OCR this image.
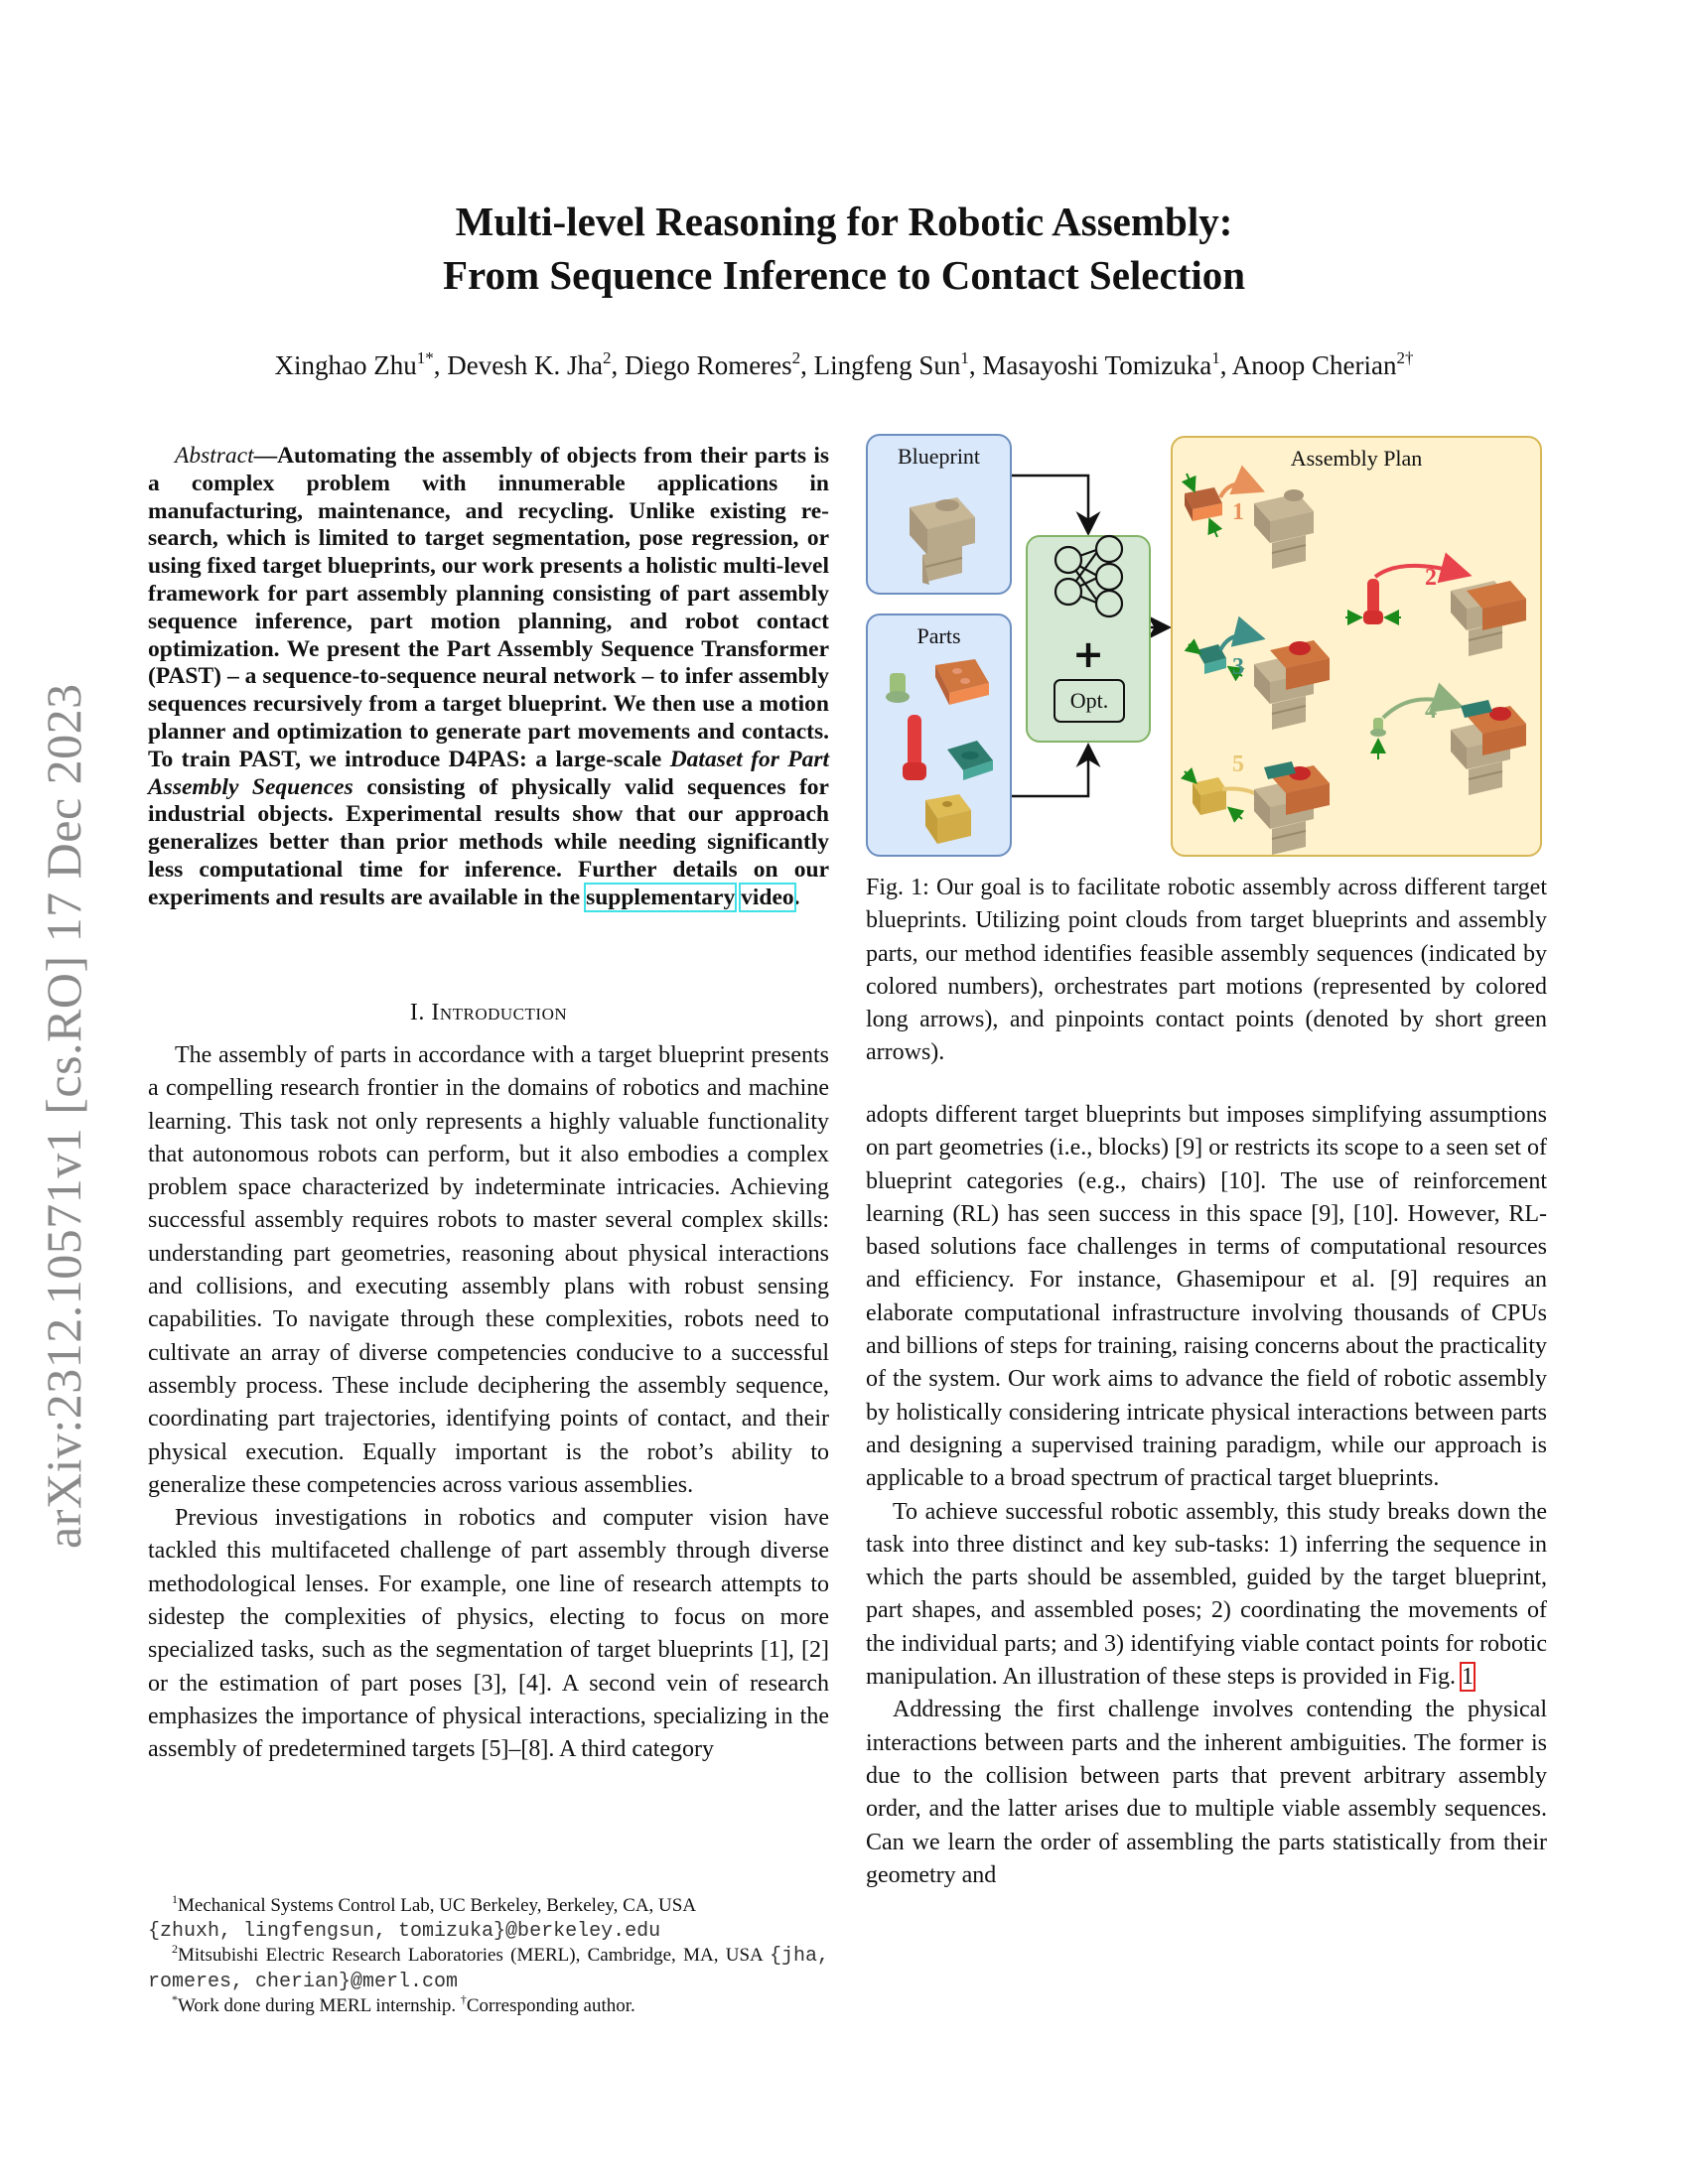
arXiv:2312.10571v1 [cs.RO] 17 Dec 2023
Multi-level Reasoning for Robotic Assembly:
From Sequence Inference to Contact Selection
Xinghao Zhu$^{1*}$, Devesh K. Jha$^2$, Diego Romeres$^2$, Lingfeng Sun$^1$, Masayoshi Tomizuka$^1$, Anoop Cherian$^{2\dagger}$
Abstract—Automating the assembly of objects from their parts is a complex problem with innumerable applications in manufacturing, maintenance, and recycling. Unlike existing research, which is limited to target segmentation, pose regression, or using fixed target blueprints, our work presents a holistic multi-level framework for part assembly planning consisting of part assembly sequence inference, part motion planning, and robot contact optimization. We present the Part Assembly Sequence Transformer (PAST) – a sequence-to-sequence neural network – to infer assembly sequences recursively from a target blueprint. We then use a motion planner and optimization to generate part movements and contacts. To train PAST, we introduce D4PAS: a large-scale Dataset for Part Assembly Sequences consisting of physically valid sequences for industrial objects. Experimental results show that our approach generalizes better than prior methods while needing significantly less computational time for inference. Further details on our experiments and results are available in the supplementary video.
I. Introduction

The assembly of parts in accordance with a target blueprint presents a compelling research frontier in the domains of robotics and machine learning. This task not only represents a highly valuable functionality that autonomous robots can perform, but it also embodies a complex problem space characterized by indeterminate intricacies. Achieving successful assembly requires robots to master several complex skills: understanding part geometries, reasoning about physical interactions and collisions, and executing assembly plans with robust sensing capabilities. To navigate through these complexities, robots need to cultivate an array of diverse competencies conducive to a successful assembly process. These include deciphering the assembly sequence, coordinating part trajectories, identifying points of contact, and their physical execution. Equally important is the robot’s ability to generalize these competencies across various assemblies.

Previous investigations in robotics and computer vision have tackled this multifaceted challenge of part assembly through diverse methodological lenses. For example, one line of research attempts to sidestep the complexities of physics, electing to focus on more specialized tasks, such as the segmentation of target blueprints [1], [2] or the estimation of part poses [3], [4]. A second vein of research emphasizes the importance of physical interactions, specializing in the assembly of predetermined targets [5]–[8]. A third category

$^1$Mechanical Systems Control Lab, UC Berkeley, Berkeley, CA, USA

{zhuxh, lingfengsun, tomizuka}@berkeley.edu

$^2$Mitsubishi Electric Research Laboratories (MERL), Cambridge, MA, USA {jha, romeres, cherian}@merl.com

*Work done during MERL internship. †Corresponding author.

Blueprint
Parts	+
Opt.
Assembly Plan
1
2
3
4
5
Fig. 1: Our goal is to facilitate robotic assembly across different target blueprints. Utilizing point clouds from target blueprints and assembly parts, our method identifies feasible assembly sequences (indicated by colored numbers), orchestrates part motions (represented by colored long arrows), and pinpoints contact points (denoted by short green arrows).

adopts different target blueprints but imposes simplifying assumptions on part geometries (i.e., blocks) [9] or restricts its scope to a seen set of blueprint categories (e.g., chairs) [10]. The use of reinforcement learning (RL) has seen success in this space [9], [10]. However, RL-based solutions face challenges in terms of computational resources and efficiency. For instance, Ghasemipour et al. [9] requires an elaborate computational infrastructure involving thousands of CPUs and billions of steps for training, raising concerns about the practicality of the system. Our work aims to advance the field of robotic assembly by holistically considering intricate physical interactions between parts and designing a supervised training paradigm, while our approach is applicable to a broad spectrum of practical target blueprints.

To achieve successful robotic assembly, this study breaks down the task into three distinct and key sub-tasks: 1) inferring the sequence in which the parts should be assembled, guided by the target blueprint, part shapes, and assembled poses; 2) coordinating the movements of the individual parts; and 3) identifying viable contact points for robotic manipulation. An illustration of these steps is provided in Fig. 1

Addressing the first challenge involves contending the physical interactions between parts and the inherent ambiguities. The former is due to the collision between parts that prevent arbitrary assembly order, and the latter arises due to multiple viable assembly sequences. Can we learn the order of assembling the parts statistically from their geometry and
